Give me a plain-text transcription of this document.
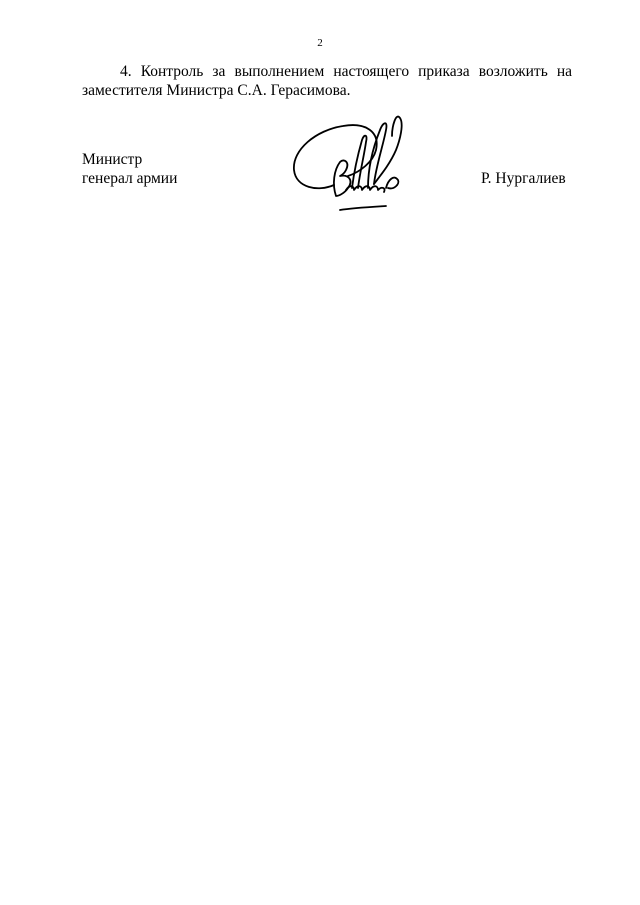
2
4. Контроль за выполнением настоящего приказа возложить на
заместителя Министра С.А. Герасимова.
Министр
генерал армии	Р. Нургалиев
